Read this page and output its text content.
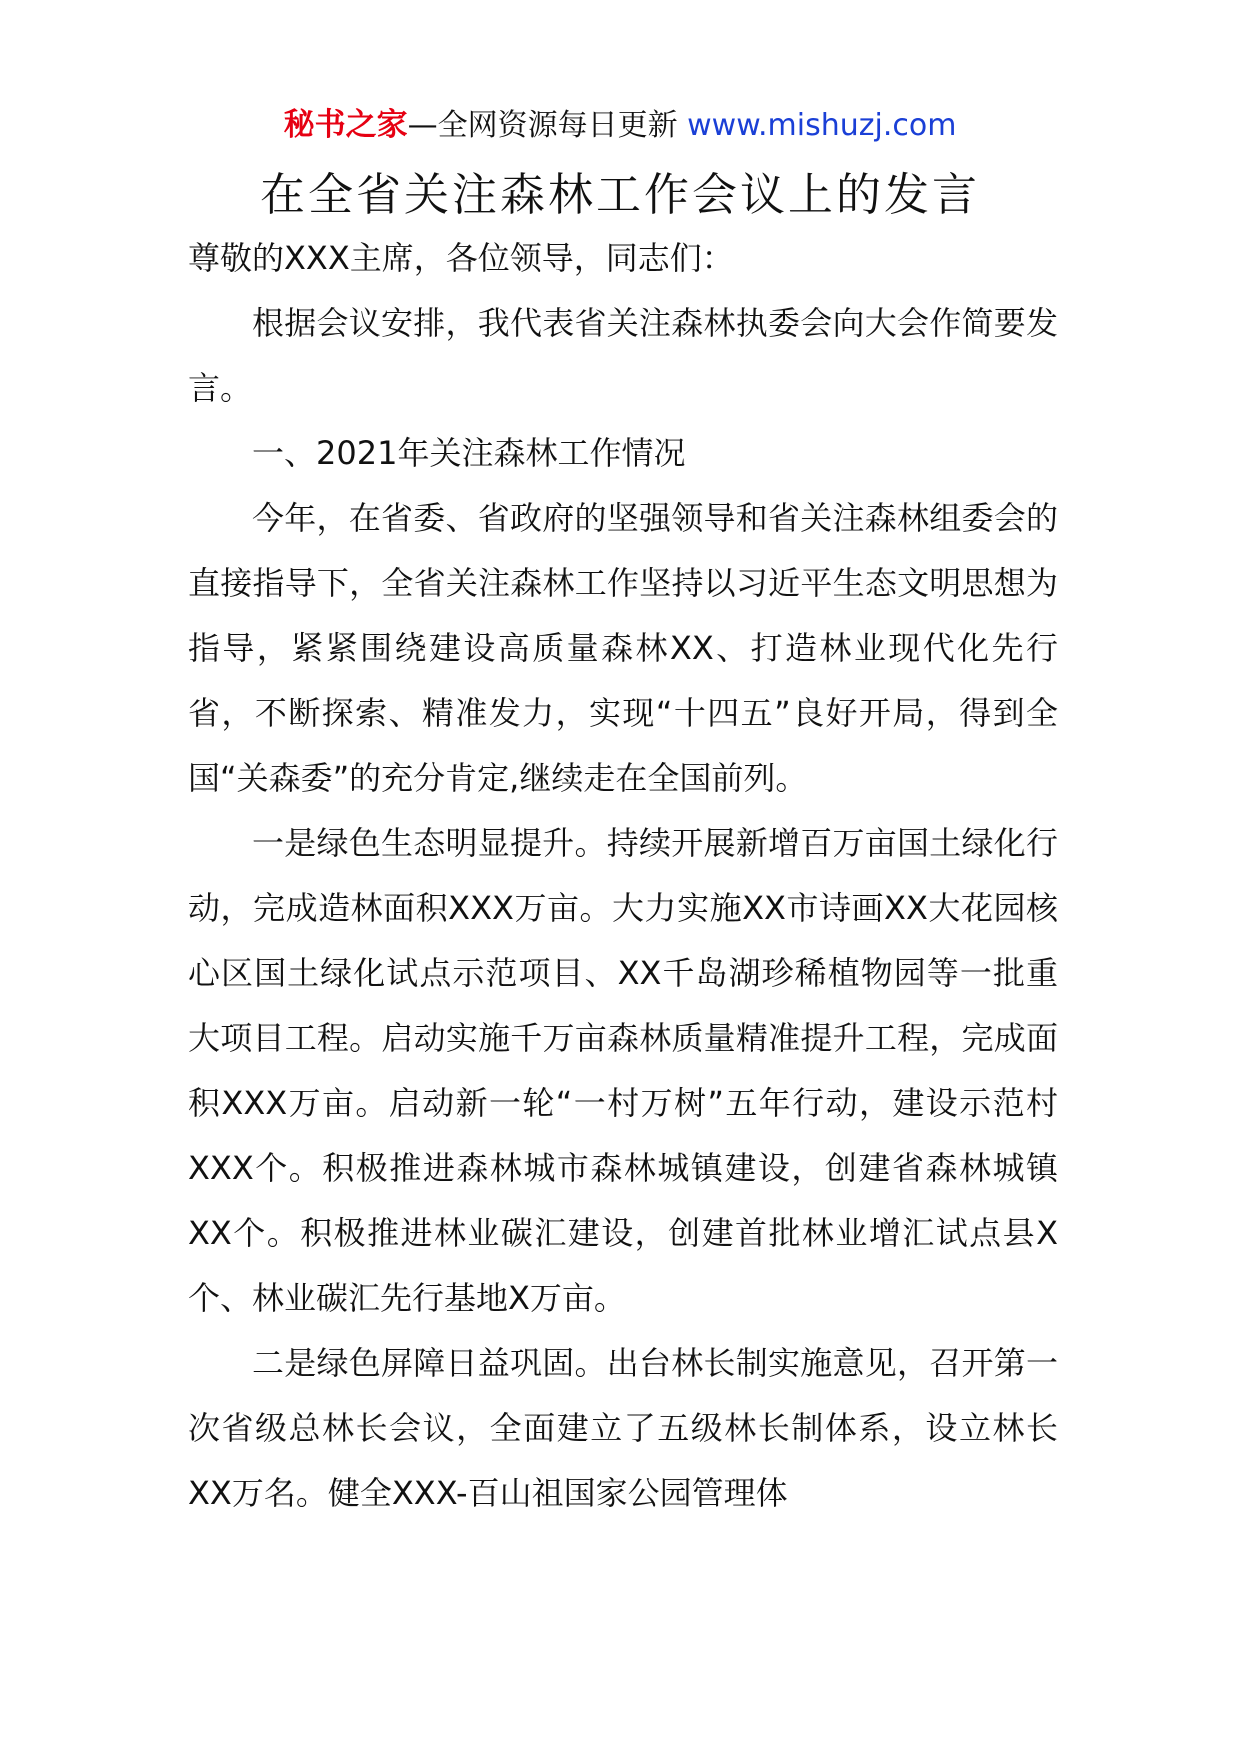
秘书之家—全网资源每日更新 www.mishuzj.com
在全省关注森林工作会议上的发言

尊敬的XXX主席，各位领导，同志们：

根据会议安排，我代表省关注森林执委会向大会作简要发言。

一、2021年关注森林工作情况

今年，在省委、省政府的坚强领导和省关注森林组委会的直接指导下，全省关注森林工作坚持以习近平生态文明思想为指导，紧紧围绕建设高质量森林XX、打造林业现代化先行省，不断探索、精准发力，实现“十四五”良好开局，得到全国“关森委”的充分肯定,继续走在全国前列。

一是绿色生态明显提升。持续开展新增百万亩国土绿化行动，完成造林面积XXX万亩。大力实施XX市诗画XX大花园核心区国土绿化试点示范项目、XX千岛湖珍稀植物园等一批重大项目工程。启动实施千万亩森林质量精准提升工程，完成面积XXX万亩。启动新一轮“一村万树”五年行动，建设示范村XXX个。积极推进森林城市森林城镇建设，创建省森林城镇XX个。积极推进林业碳汇建设，创建首批林业增汇试点县X个、林业碳汇先行基地X万亩。

二是绿色屏障日益巩固。出台林长制实施意见，召开第一次省级总林长会议，全面建立了五级林长制体系，设立林长XX万名。健全XXX-百山祖国家公园管理体
